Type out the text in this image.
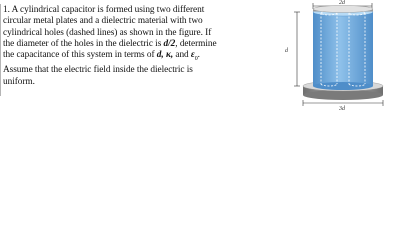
1. A cylindrical capacitor is formed using two different

circular metal plates and a dielectric material with two

cylindrical holes (dashed lines) as shown in the figure. If

the diameter of the holes in the dielectric is d/2, determine

the capacitance of this system in terms of d, κ, and $\varepsilon_0$.

Assume that the electric field inside the dielectric is

uniform.

2d
d
3d
